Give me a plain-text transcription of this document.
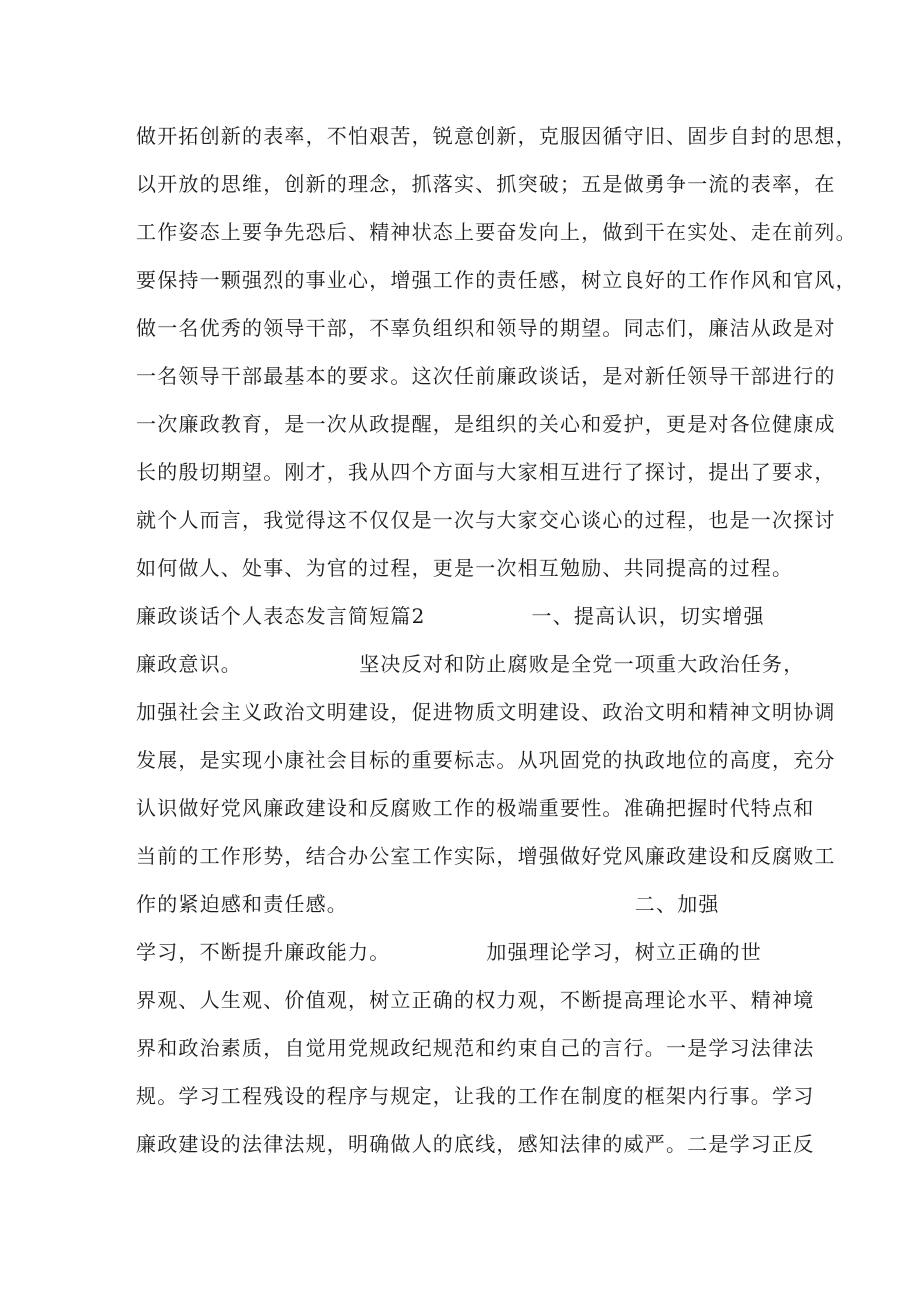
做开拓创新的表率，不怕艰苦，锐意创新，克服因循守旧、固步自封的思想，
以开放的思维，创新的理念，抓落实、抓突破；五是做勇争一流的表率，在
工作姿态上要争先恐后、精神状态上要奋发向上，做到干在实处、走在前列。
要保持一颗强烈的事业心，增强工作的责任感，树立良好的工作作风和官风，
做一名优秀的领导干部，不辜负组织和领导的期望。同志们，廉洁从政是对
一名领导干部最基本的要求。这次任前廉政谈话，是对新任领导干部进行的
一次廉政教育，是一次从政提醒，是组织的关心和爱护，更是对各位健康成
长的殷切期望。刚才，我从四个方面与大家相互进行了探讨，提出了要求，
就个人而言，我觉得这不仅仅是一次与大家交心谈心的过程，也是一次探讨
如何做人、处事、为官的过程，更是一次相互勉励、共同提高的过程。
廉政谈话个人表态发言简短篇2　　　　　一、提高认识，切实增强
廉政意识。　　　　　　坚决反对和防止腐败是全党一项重大政治任务，
加强社会主义政治文明建设，促进物质文明建设、政治文明和精神文明协调
发展，是实现小康社会目标的重要标志。从巩固党的执政地位的高度，充分
认识做好党风廉政建设和反腐败工作的极端重要性。准确把握时代特点和
当前的工作形势，结合办公室工作实际，增强做好党风廉政建设和反腐败工
作的紧迫感和责任感。　　　　　　　　　　　　　　二、加强
学习，不断提升廉政能力。　　　　　加强理论学习，树立正确的世
界观、人生观、价值观，树立正确的权力观，不断提高理论水平、精神境
界和政治素质，自觉用党规政纪规范和约束自己的言行。一是学习法律法
规。学习工程残设的程序与规定，让我的工作在制度的框架内行事。学习
廉政建设的法律法规，明确做人的底线，感知法律的威严。二是学习正反
